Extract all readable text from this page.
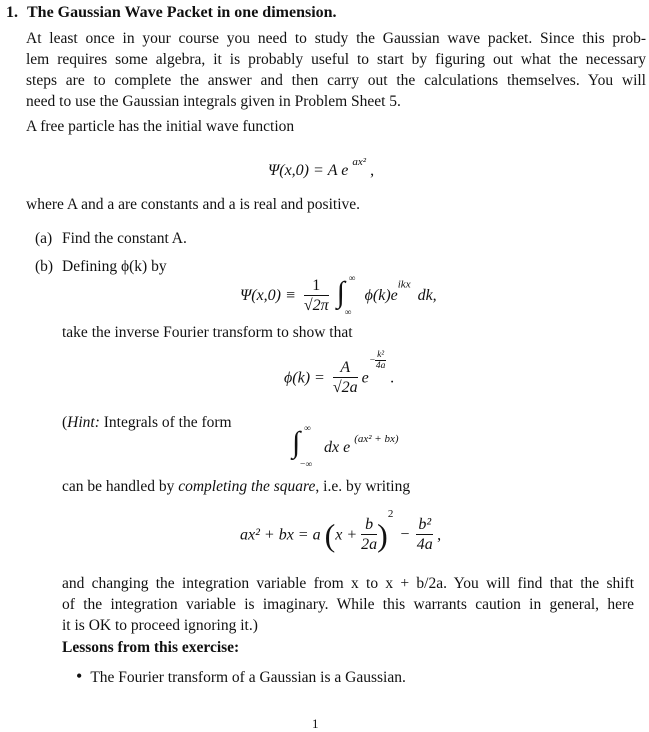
1. The Gaussian Wave Packet in one dimension.
At least once in your course you need to study the Gaussian wave packet. Since this prob-
lem requires some algebra, it is probably useful to start by figuring out what the necessary
steps are to complete the answer and then carry out the calculations themselves. You will
need to use the Gaussian integrals given in Problem Sheet 5.
A free particle has the initial wave function
Ψ(x,0) = A e $^{ax^2}$ ,
where A and a are constants and a is real and positive.
(a) Find the constant A.
(b) Defining ϕ(k) by
$\Psi(x,0) \equiv \frac{1}{√2\pi}$
∫ ∞
∞
$\phi(k)e^{ikx}$ dk,
take the inverse Fourier transform to show that
$\phi(k) = \frac{A}{√2a} e- \frac{\text{k²}}{4a}$
.
(Hint: Integrals of the form
∫ ∞
−∞
dx $e^{(ax^2 + bx)}$
can be handled by completing the square, i.e. by writing
ax² + bx = a $(x + \frac{b}{2a} )^2 - \frac{\text{b²}}{4a}$ ,
and changing the integration variable from x to x + b/2a. You will find that the shift
of the integration variable is imaginary. While this warrants caution in general, here
it is OK to proceed ignoring it.)
Lessons from this exercise:
• The Fourier transform of a Gaussian is a Gaussian.
1
